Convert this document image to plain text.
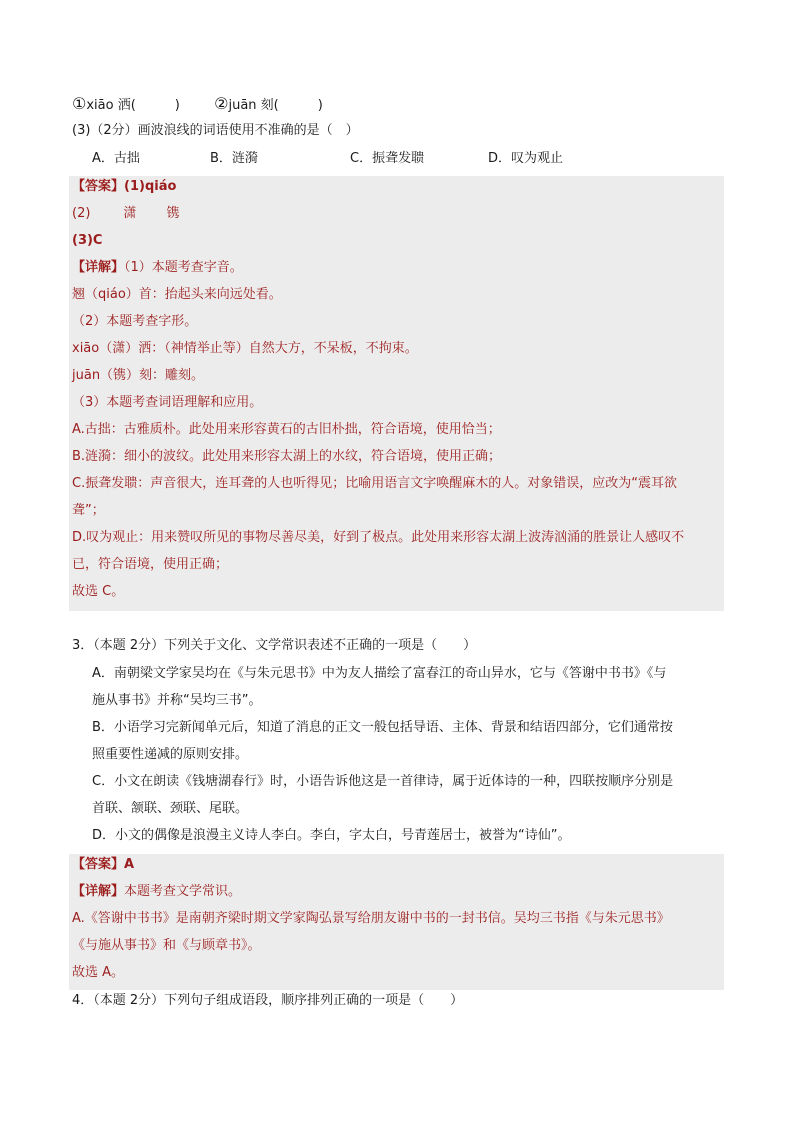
①xiāo 洒(　　　) ②juān 刻(　　　)
(3)（2分）画波浪线的词语使用不准确的是（　）
A．古拙	B．涟漪	C．振聋发聩	D．叹为观止
【答案】(1)qiáo
(2)	潇 镌
(3)C
【详解】（1）本题考查字音。
翘（qiáo）首：抬起头来向远处看。
（2）本题考查字形。
xiāo（潇）洒：（神情举止等）自然大方，不呆板，不拘束。
juān（镌）刻：雕刻。
（3）本题考查词语理解和应用。
A.古拙：古雅质朴。此处用来形容黄石的古旧朴拙，符合语境，使用恰当；
B.涟漪：细小的波纹。此处用来形容太湖上的水纹，符合语境，使用正确；
C.振聋发聩：声音很大，连耳聋的人也听得见；比喻用语言文字唤醒麻木的人。对象错误，应改为“震耳欲
聋”；
D.叹为观止：用来赞叹所见的事物尽善尽美，好到了极点。此处用来形容太湖上波涛汹涌的胜景让人感叹不
已，符合语境，使用正确；
故选 C。
3．（本题 2分）下列关于文化、文学常识表述不正确的一项是（　　）
A．南朝梁文学家吴均在《与朱元思书》中为友人描绘了富春江的奇山异水，它与《答谢中书书》《与
施从事书》并称“吴均三书”。
B．小语学习完新闻单元后，知道了消息的正文一般包括导语、主体、背景和结语四部分，它们通常按
照重要性递减的原则安排。
C．小文在朗读《钱塘湖春行》时，小语告诉他这是一首律诗，属于近体诗的一种，四联按顺序分别是
首联、颔联、颈联、尾联。
D．小文的偶像是浪漫主义诗人李白。李白，字太白，号青莲居士，被誉为“诗仙”。
【答案】A
【详解】本题考查文学常识。
A.《答谢中书书》是南朝齐梁时期文学家陶弘景写给朋友谢中书的一封书信。吴均三书指《与朱元思书》
《与施从事书》和《与顾章书》。
故选 A。
4．（本题 2分）下列句子组成语段，顺序排列正确的一项是（　　）
